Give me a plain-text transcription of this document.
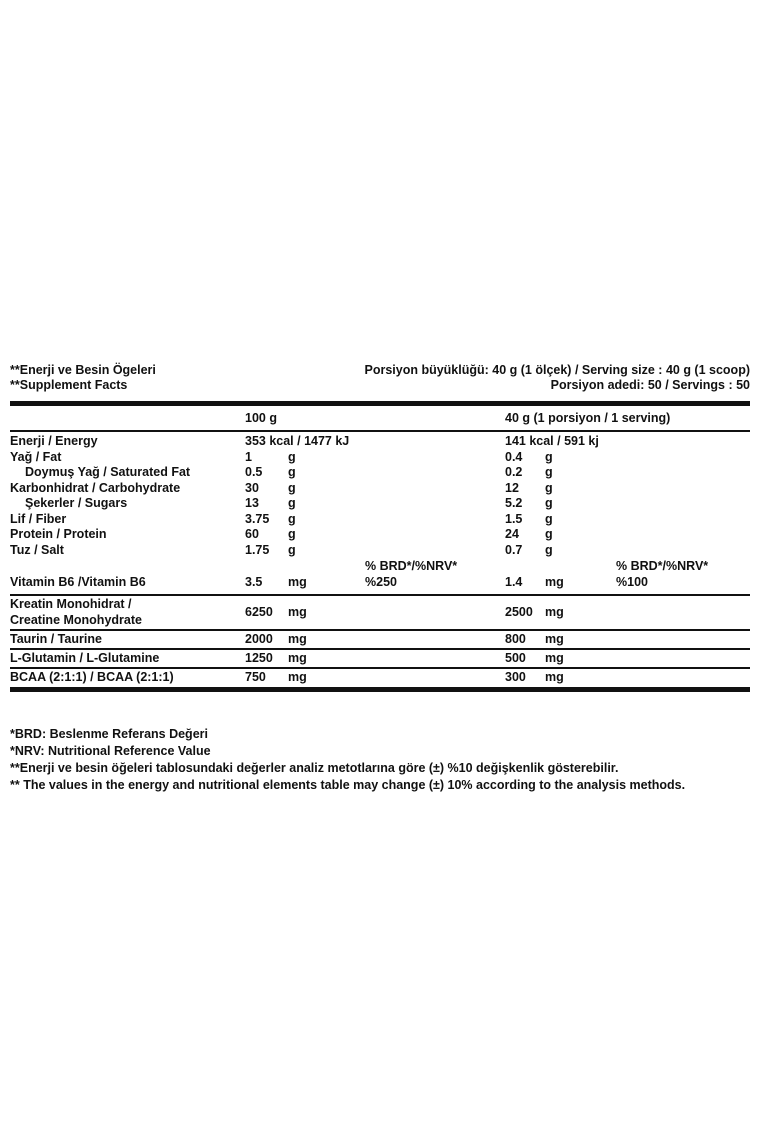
**Enerji ve Besin Ögeleri
**Supplement Facts
Porsiyon büyüklüğü: 40 g (1 ölçek) / Serving size : 40 g (1 scoop)
Porsiyon adedi: 50 / Servings : 50
100 g	40 g (1 porsiyon / 1 serving)
Enerji / Energy	353 kcal / 1477 kJ	141 kcal / 591 kj
Yağ / Fat	1	g	0.4 g
Doymuş Yağ / Saturated Fat	0.5 g	0.2 g
Karbonhidrat / Carbohydrate	30 g	12 g
Şekerler / Sugars	13 g	5.2 g
Lif / Fiber	3.75 g	1.5 g
Protein / Protein	60 g	24 g
Tuz / Salt	1.75 g	0.7 g
% BRD*/%NRV*	% BRD*/%NRV*
Vitamin B6 /Vitamin B6	3.5 mg	%250	1.4 mg	%100
Kreatin Monohidrat /
Creatine Monohydrate
6250 mg	2500 mg
Taurin / Taurine	2000 mg	800 mg
L-Glutamin / L-Glutamine	1250 mg	500 mg
BCAA (2:1:1) / BCAA (2:1:1)	750 mg	300 mg

*BRD: Beslenme Referans Değeri

*NRV: Nutritional Reference Value

**Enerji ve besin öğeleri tablosundaki değerler analiz metotlarına göre (±) %10 değişkenlik gösterebilir.

** The values in the energy and nutritional elements table may change (±) 10% according to the analysis methods.
